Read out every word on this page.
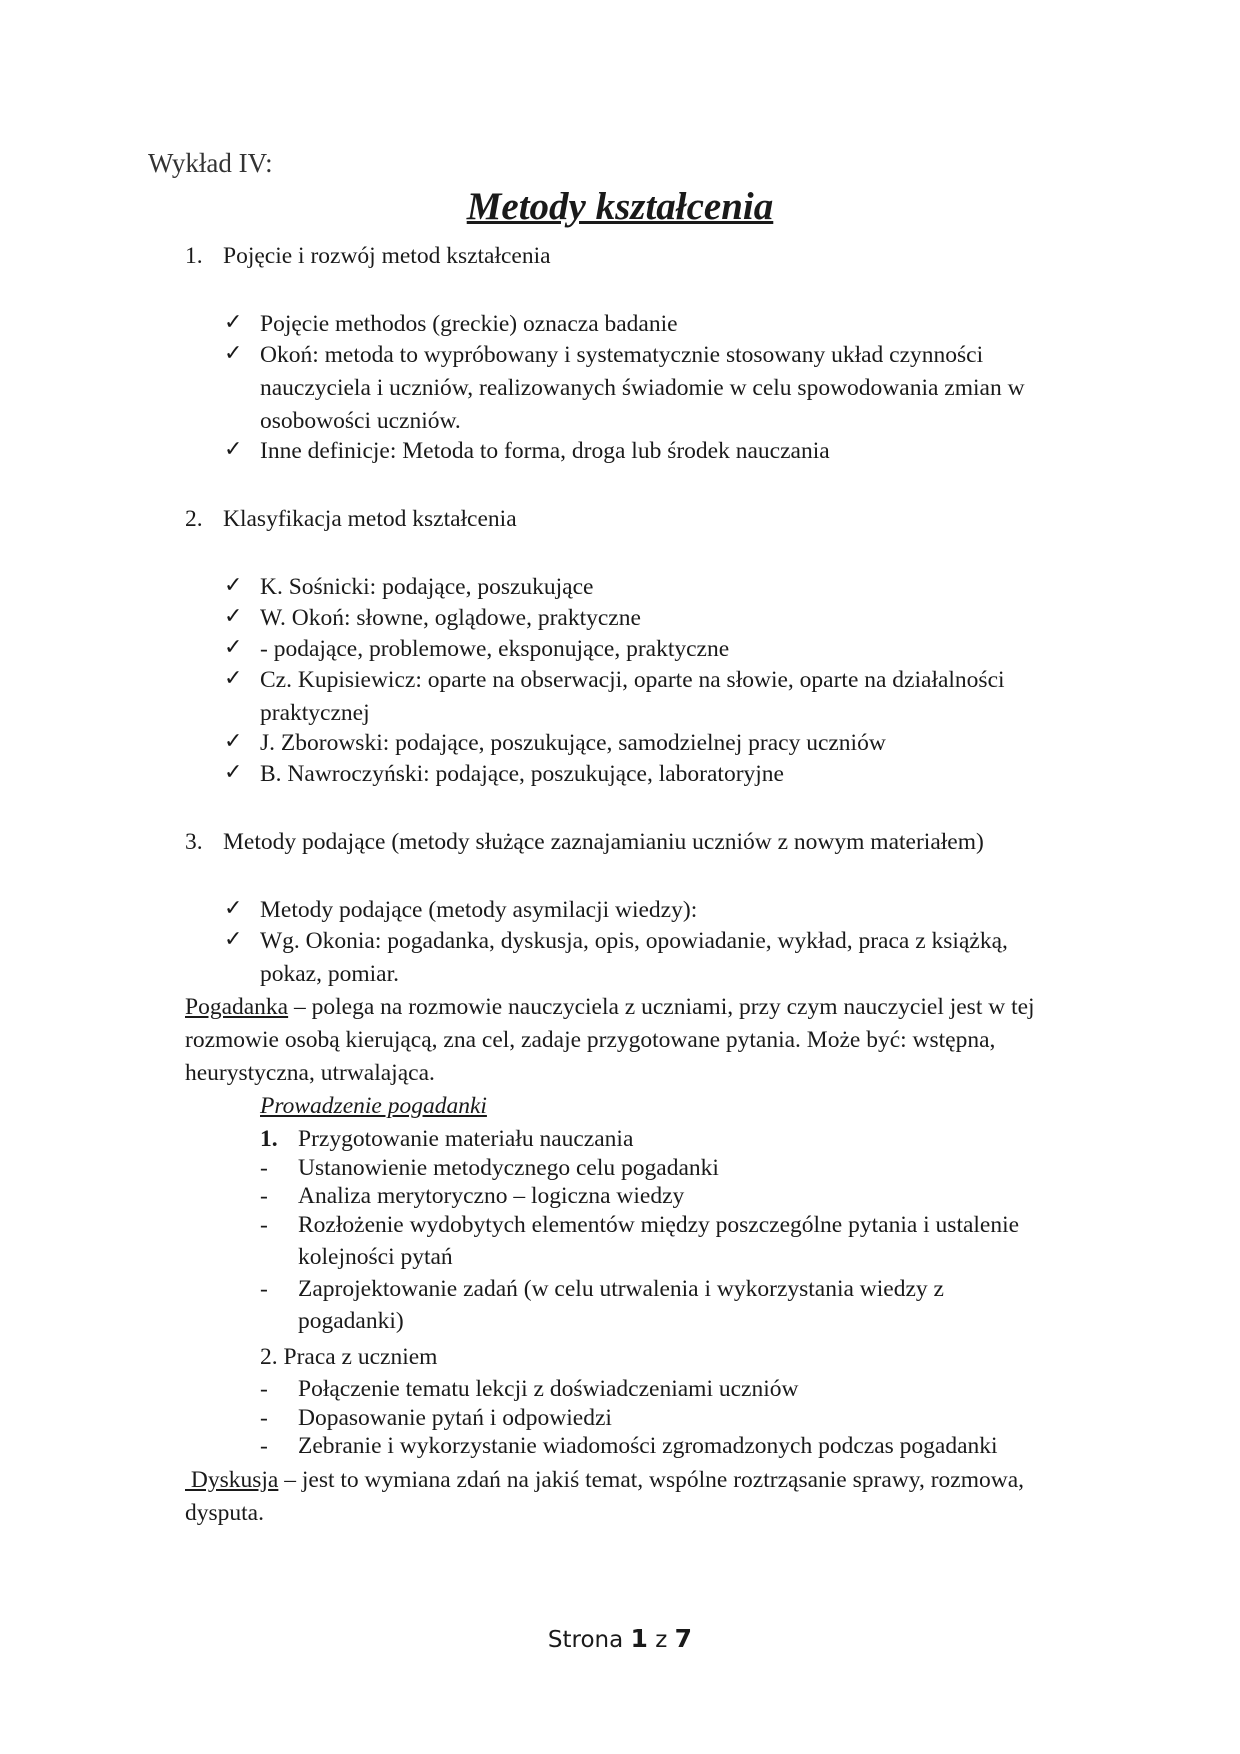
Wykład IV:
Metody kształcenia
1. Pojęcie i rozwój metod kształcenia
✓ Pojęcie methodos (greckie) oznacza badanie
✓ Okoń: metoda to wypróbowany i systematycznie stosowany układ czynności
nauczyciela i uczniów, realizowanych świadomie w celu spowodowania zmian w
osobowości uczniów.
✓ Inne definicje: Metoda to forma, droga lub środek nauczania
2. Klasyfikacja metod kształcenia
✓ K. Sośnicki: podające, poszukujące
✓ W. Okoń: słowne, oglądowe, praktyczne
✓ - podające, problemowe, eksponujące, praktyczne
✓ Cz. Kupisiewicz: oparte na obserwacji, oparte na słowie, oparte na działalności
praktycznej
✓ J. Zborowski: podające, poszukujące, samodzielnej pracy uczniów
✓ B. Nawroczyński: podające, poszukujące, laboratoryjne
3. Metody podające (metody służące zaznajamianiu uczniów z nowym materiałem)
✓ Metody podające (metody asymilacji wiedzy):
✓ Wg. Okonia: pogadanka, dyskusja, opis, opowiadanie, wykład, praca z książką,
pokaz, pomiar.
Pogadanka – polega na rozmowie nauczyciela z uczniami, przy czym nauczyciel jest w tej
rozmowie osobą kierującą, zna cel, zadaje przygotowane pytania. Może być: wstępna,
heurystyczna, utrwalająca.
Prowadzenie pogadanki
1. Przygotowanie materiału nauczania
- Ustanowienie metodycznego celu pogadanki
- Analiza merytoryczno – logiczna wiedzy
- Rozłożenie wydobytych elementów między poszczególne pytania i ustalenie
kolejności pytań
- Zaprojektowanie zadań (w celu utrwalenia i wykorzystania wiedzy z
pogadanki)
2. Praca z uczniem
- Połączenie tematu lekcji z doświadczeniami uczniów
- Dopasowanie pytań i odpowiedzi
- Zebranie i wykorzystanie wiadomości zgromadzonych podczas pogadanki
Dyskusja – jest to wymiana zdań na jakiś temat, wspólne roztrząsanie sprawy, rozmowa,
dysputa.
Strona 1 z 7
